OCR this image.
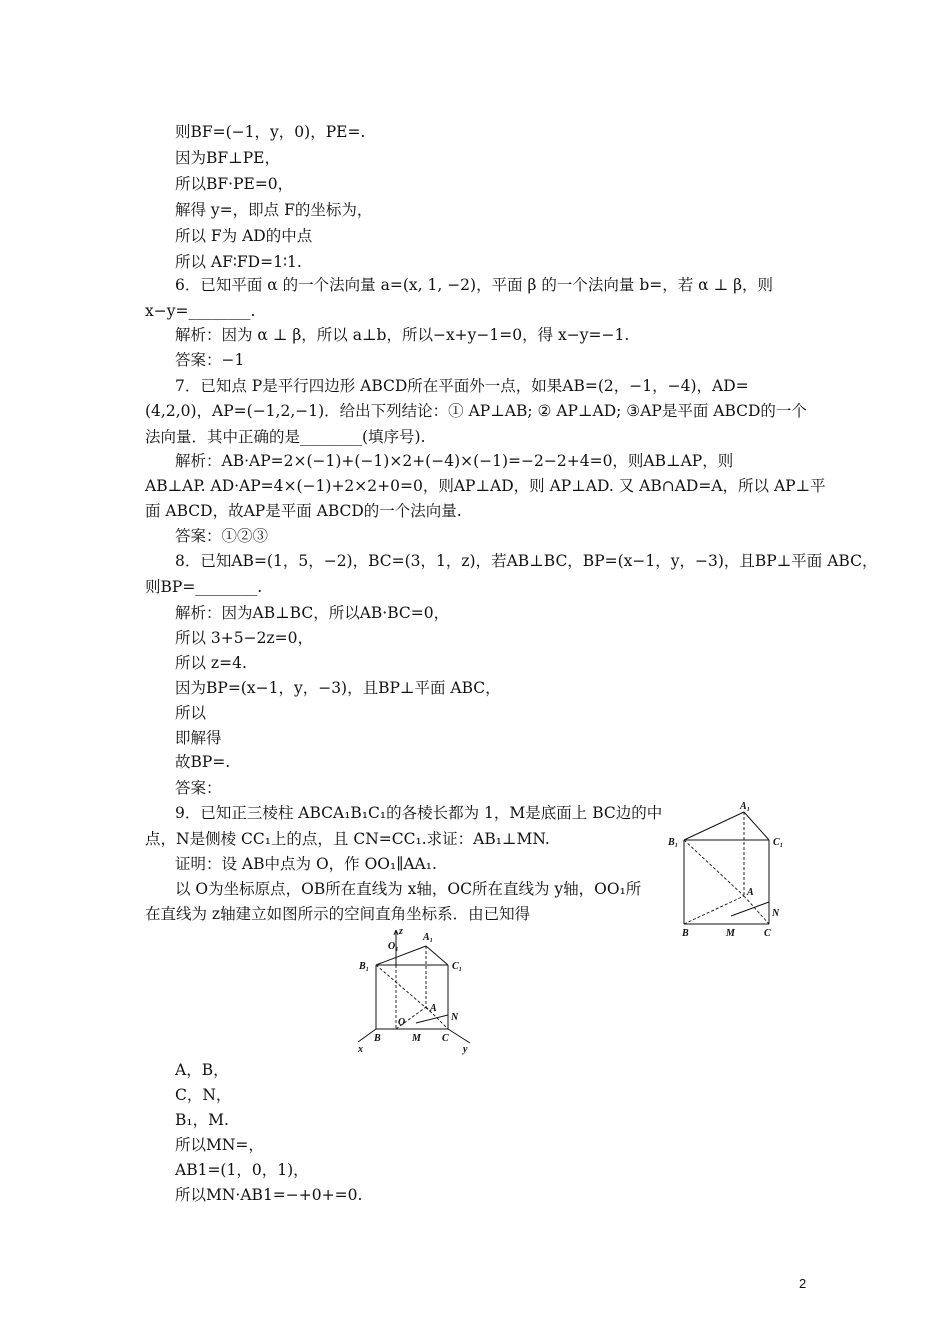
则BF=(−1，y，0)，PE=.
因为BF⊥PE，
所以BF·PE=0，
解得 y=，即点 F的坐标为，
所以 F为 AD的中点
所以 AF∶FD=1∶1.
6．已知平面 α 的一个法向量 a=(x, 1, −2)，平面 β 的一个法向量 b=，若 α ⊥ β，则
x−y=________.
解析：因为 α ⊥ β，所以 a⊥b，所以−x+y−1=0，得 x−y=−1.
答案：−1
7．已知点 P是平行四边形 ABCD所在平面外一点，如果AB=(2，−1，−4)，AD=
(4,2,0)，AP=(−1,2,−1)．给出下列结论：① AP⊥AB; ② AP⊥AD; ③AP是平面 ABCD的一个
法向量．其中正确的是________(填序号).
解析：AB·AP=2×(−1)+(−1)×2+(−4)×(−1)=−2−2+4=0，则AB⊥AP，则
AB⊥AP. AD·AP=4×(−1)+2×2+0=0，则AP⊥AD，则 AP⊥AD. 又 AB∩AD=A，所以 AP⊥平
面 ABCD，故AP是平面 ABCD的一个法向量.
答案：①②③
8．已知AB=(1，5，−2)，BC=(3，1，z)，若AB⊥BC，BP=(x−1，y，−3)，且BP⊥平面 ABC，
则BP=________.
解析：因为AB⊥BC，所以AB·BC=0，
所以 3+5−2z=0，
所以 z=4.
因为BP=(x−1，y，−3)，且BP⊥平面 ABC，
所以
即解得
故BP=.
答案：
9．已知正三棱柱 ABCA₁B₁C₁的各棱长都为 1，M是底面上 BC边的中
点，N是侧棱 CC₁上的点，且 CN=CC₁.求证：AB₁⊥MN.
证明：设 AB中点为 O，作 OO₁∥AA₁.
以 O为坐标原点，OB所在直线为 x轴，OC所在直线为 y轴，OO₁所
在直线为 z轴建立如图所示的空间直角坐标系．由已知得
A₁
B₁	C₁
A
N
B	M	C
z
O₁
A₁
B₁	C₁
A
N
O
x
B	M C
y
A，B，
C，N，
B₁，M.
所以MN=，
AB1=(1，0，1)，
所以MN·AB1=−+0+=0.
2
